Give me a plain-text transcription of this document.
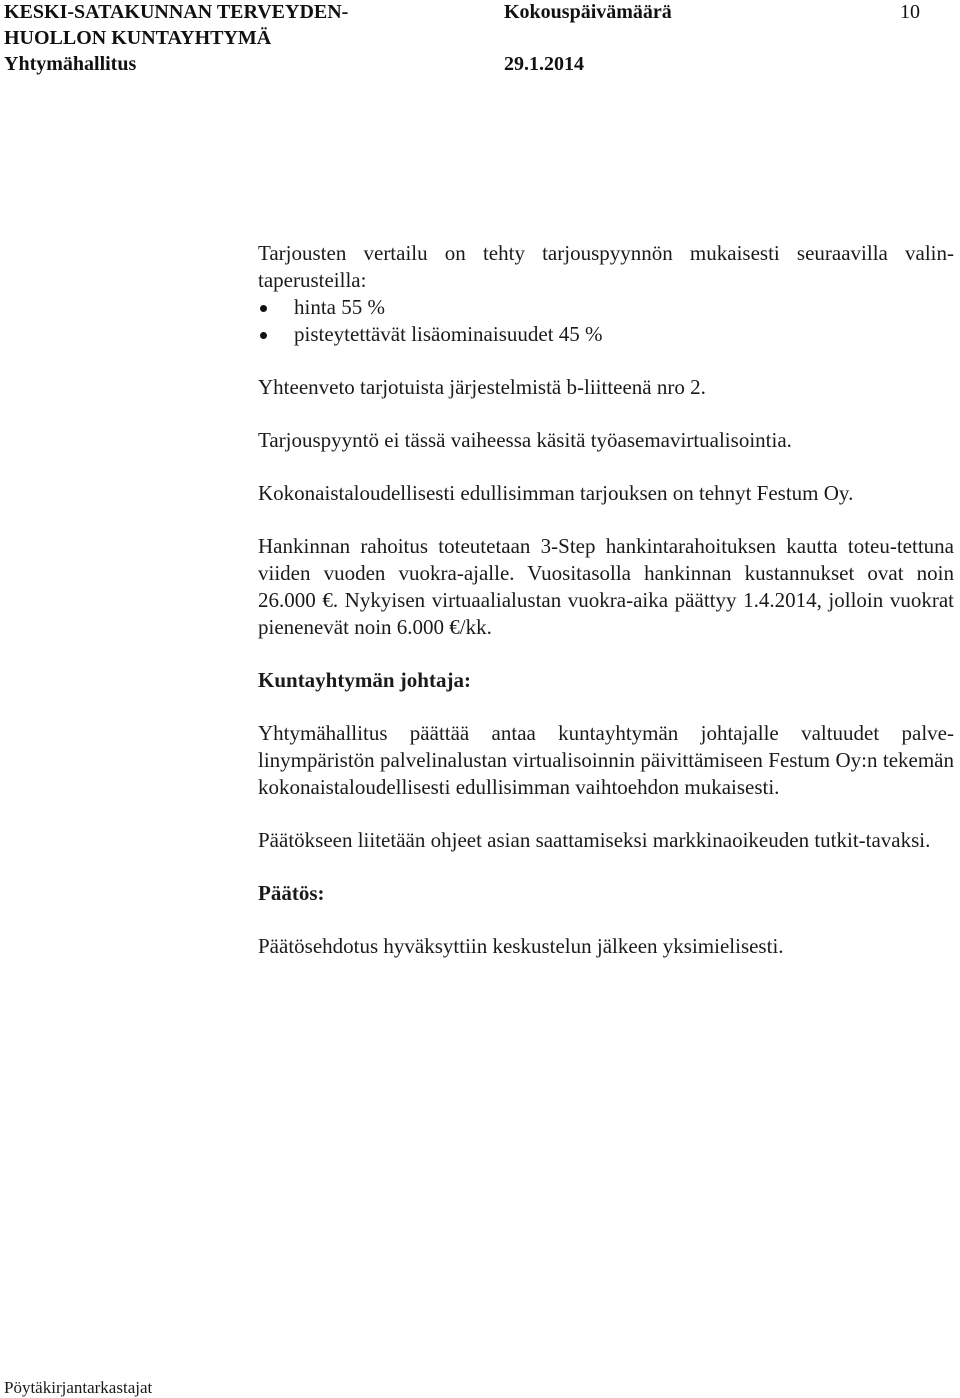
KESKI-SATAKUNNAN TERVEYDEN-
HUOLLON KUNTAYHTYMÄ
Yhtymähallitus
Kokouspäivämäärä
29.1.2014
10

Tarjousten vertailu on tehty tarjouspyynnön mukaisesti seuraavilla valin-taperusteilla:

hinta 55 %
pisteytettävät lisäominaisuudet 45 %

Yhteenveto tarjotuista järjestelmistä b-liitteenä nro 2.

Tarjouspyyntö ei tässä vaiheessa käsitä työasemavirtualisointia.

Kokonaistaloudellisesti edullisimman tarjouksen on tehnyt Festum Oy.

Hankinnan rahoitus toteutetaan 3-Step hankintarahoituksen kautta toteu-tettuna viiden vuoden vuokra-ajalle. Vuositasolla hankinnan kustannukset ovat noin 26.000 €. Nykyisen virtuaalialustan vuokra-aika päättyy 1.4.2014, jolloin vuokrat pienenevät noin 6.000 €/kk.

Kuntayhtymän johtaja:

Yhtymähallitus päättää antaa kuntayhtymän johtajalle valtuudet palve-linympäristön palvelinalustan virtualisoinnin päivittämiseen Festum Oy:n tekemän kokonaistaloudellisesti edullisimman vaihtoehdon mukaisesti.

Päätökseen liitetään ohjeet asian saattamiseksi markkinaoikeuden tutkit-tavaksi.

Päätös:

Päätösehdotus hyväksyttiin keskustelun jälkeen yksimielisesti.

Pöytäkirjantarkastajat
